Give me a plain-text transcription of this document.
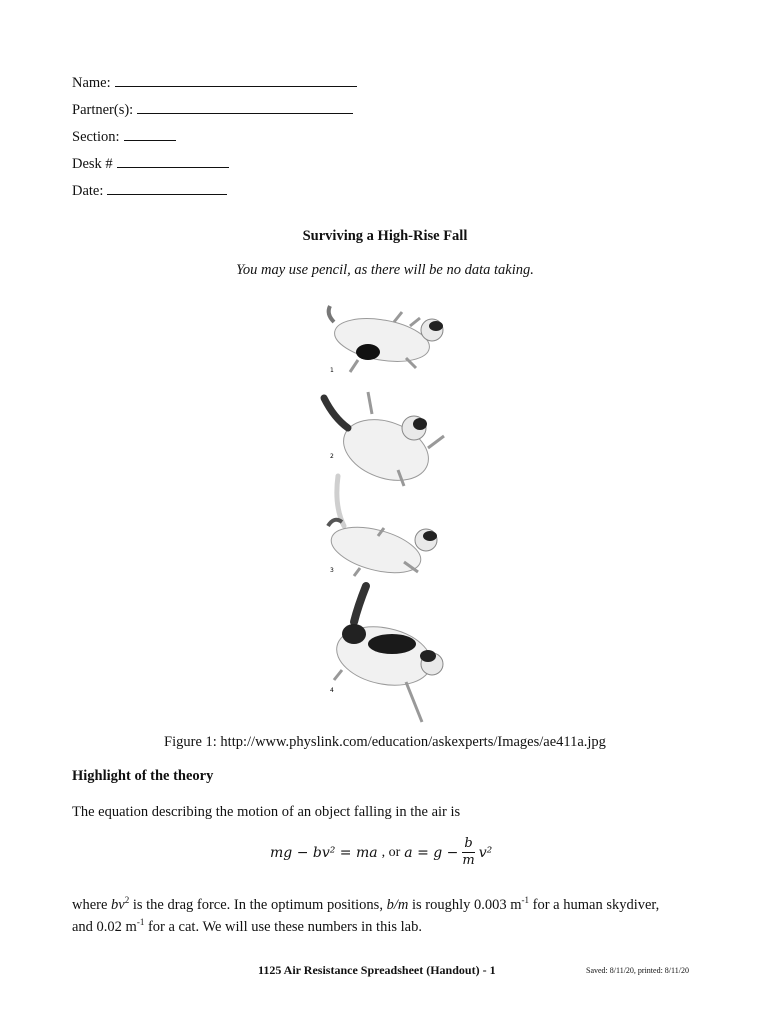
Name:
Partner(s):
Section:
Desk #
Date:
Surviving a High-Rise Fall
You may use pencil, as there will be no data taking.
1
2
3
4
Figure 1: http://www.physlink.com/education/askexperts/Images/ae411a.jpg
Highlight of the theory
The equation describing the motion of an object falling in the air is
mg − bv² = ma , or $a = g - \frac{b}{m} v^2$
where $bv^2$ is the drag force. In the optimum positions, b/m is roughly 0.003 $m^{-1}$ for a human skydiver,
and 0.02 $m^{-1}$ for a cat. We will use these numbers in this lab.
1125 Air Resistance Spreadsheet (Handout) - 1	Saved: 8/11/20, printed: 8/11/20
